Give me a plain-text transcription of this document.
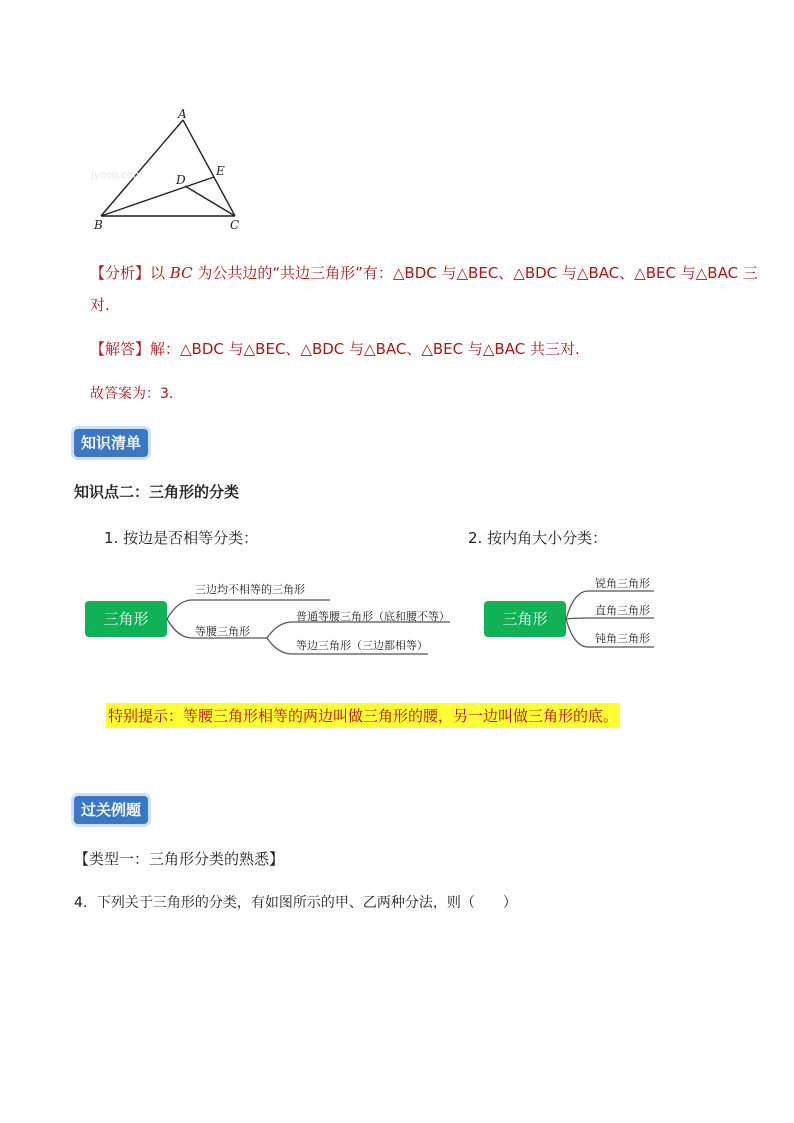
Jyeoo.com
A
B	C
D
E
【分析】以 BC 为公共边的“共边三角形”有：△BDC 与△BEC、△BDC 与△BAC、△BEC 与△BAC 三
对.
【解答】解：△BDC 与△BEC、△BDC 与△BAC、△BEC 与△BAC 共三对.
故答案为：3.
知识清单
知识点二：三角形的分类
1. 按边是否相等分类：	2. 按内角大小分类：
三角形
三边均不相等的三角形
等腰三角形
普通等腰三角形（底和腰不等）
等边三角形（三边都相等）
三角形
锐角三角形
直角三角形
钝角三角形
特别提示：等腰三角形相等的两边叫做三角形的腰，另一边叫做三角形的底。
过关例题
【类型一：三角形分类的熟悉】
4．下列关于三角形的分类，有如图所示的甲、乙两种分法，则（　　）
